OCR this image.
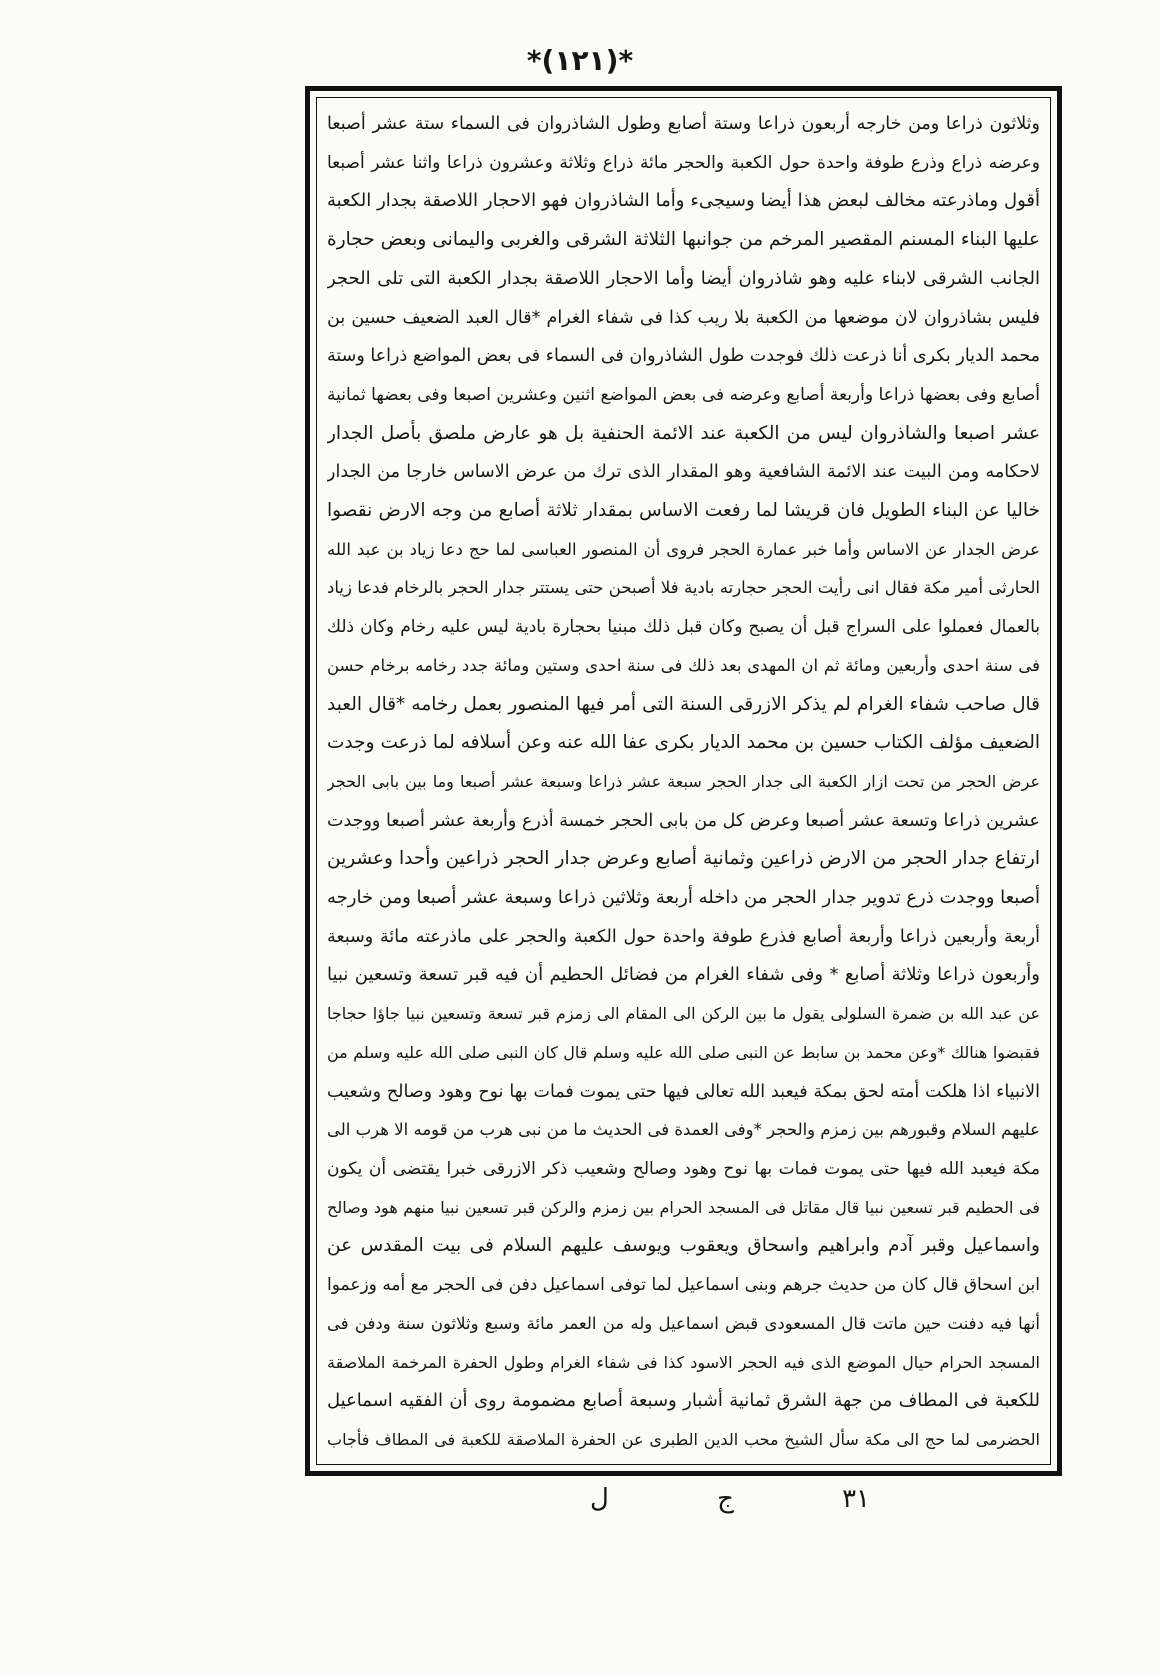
*(١٢١)*
وثلاثون ذراعا ومن خارجه أربعون ذراعا وستة أصابع وطول الشاذروان فى السماء ستة عشر أصبعا
وعرضه ذراع وذرع طوفة واحدة حول الكعبة والحجر مائة ذراع وثلاثة وعشرون ذراعا واثنا عشر أصبعا
أقول وماذرعته مخالف لبعض هذا أيضا وسيجىء وأما الشاذروان فهو الاحجار اللاصقة بجدار الكعبة
عليها البناء المسنم المقصير المرخم من جوانبها الثلاثة الشرقى والغربى واليمانى وبعض حجارة
الجانب الشرقى لابناء عليه وهو شاذروان أيضا وأما الاحجار اللاصقة بجدار الكعبة التى تلى الحجر
فليس بشاذروان لان موضعها من الكعبة بلا ريب كذا فى شفاء الغرام *قال العبد الضعيف حسين بن
محمد الديار بكرى أنا ذرعت ذلك فوجدت طول الشاذروان فى السماء فى بعض المواضع ذراعا وستة
أصابع وفى بعضها ذراعا وأربعة أصابع وعرضه فى بعض المواضع اثنين وعشرين اصبعا وفى بعضها ثمانية
عشر اصبعا والشاذروان ليس من الكعبة عند الائمة الحنفية بل هو عارض ملصق بأصل الجدار
لاحكامه ومن البيت عند الائمة الشافعية وهو المقدار الذى ترك من عرض الاساس خارجا من الجدار
خاليا عن البناء الطويل فان قريشا لما رفعت الاساس بمقدار ثلاثة أصابع من وجه الارض نقصوا
عرض الجدار عن الاساس وأما خبر عمارة الحجر فروى أن المنصور العباسى لما حج دعا زياد بن عبد الله
الحارثى أمير مكة فقال انى رأيت الحجر حجارته بادية فلا أصبحن حتى يستتر جدار الحجر بالرخام فدعا زياد
بالعمال فعملوا على السراج قبل أن يصبح وكان قبل ذلك مبنيا بحجارة بادية ليس عليه رخام وكان ذلك
فى سنة احدى وأربعين ومائة ثم ان المهدى بعد ذلك فى سنة احدى وستين ومائة جدد رخامه برخام حسن
قال صاحب شفاء الغرام لم يذكر الازرقى السنة التى أمر فيها المنصور بعمل رخامه *قال العبد
الضعيف مؤلف الكتاب حسين بن محمد الديار بكرى عفا الله عنه وعن أسلافه لما ذرعت وجدت
عرض الحجر من تحت ازار الكعبة الى جدار الحجر سبعة عشر ذراعا وسبعة عشر أصبعا وما بين بابى الحجر
عشرين ذراعا وتسعة عشر أصبعا وعرض كل من بابى الحجر خمسة أذرع وأربعة عشر أصبعا ووجدت
ارتفاع جدار الحجر من الارض ذراعين وثمانية أصابع وعرض جدار الحجر ذراعين وأحدا وعشرين
أصبعا ووجدت ذرع تدوير جدار الحجر من داخله أربعة وثلاثين ذراعا وسبعة عشر أصبعا ومن خارجه
أربعة وأربعين ذراعا وأربعة أصابع فذرع طوفة واحدة حول الكعبة والحجر على ماذرعته مائة وسبعة
وأربعون ذراعا وثلاثة أصابع * وفى شفاء الغرام من فضائل الحطيم أن فيه قبر تسعة وتسعين نبيا
عن عبد الله بن ضمرة السلولى يقول ما بين الركن الى المقام الى زمزم قبر تسعة وتسعين نبيا جاؤا حجاجا
فقبضوا هنالك *وعن محمد بن سابط عن النبى صلى الله عليه وسلم قال كان النبى صلى الله عليه وسلم من
الانبياء اذا هلكت أمته لحق بمكة فيعبد الله تعالى فيها حتى يموت فمات بها نوح وهود وصالح وشعيب
عليهم السلام وقبورهم بين زمزم والحجر *وفى العمدة فى الحديث ما من نبى هرب من قومه الا هرب الى
مكة فيعبد الله فيها حتى يموت فمات بها نوح وهود وصالح وشعيب ذكر الازرقى خبرا يقتضى أن يكون
فى الحطيم قبر تسعين نبيا قال مقاتل فى المسجد الحرام بين زمزم والركن قبر تسعين نبيا منهم هود وصالح
واسماعيل وقبر آدم وابراهيم واسحاق ويعقوب ويوسف عليهم السلام فى بيت المقدس عن
ابن اسحاق قال كان من حديث جرهم وبنى اسماعيل لما توفى اسماعيل دفن فى الحجر مع أمه وزعموا
أنها فيه دفنت حين ماتت قال المسعودى قبض اسماعيل وله من العمر مائة وسبع وثلاثون سنة ودفن فى
المسجد الحرام حيال الموضع الذى فيه الحجر الاسود كذا فى شفاء الغرام وطول الحفرة المرخمة الملاصقة
للكعبة فى المطاف من جهة الشرق ثمانية أشبار وسبعة أصابع مضمومة روى أن الفقيه اسماعيل
الحضرمى لما حج الى مكة سأل الشيخ محب الدين الطبرى عن الحفرة الملاصقة للكعبة فى المطاف فأجاب
٣١
ج
ل
